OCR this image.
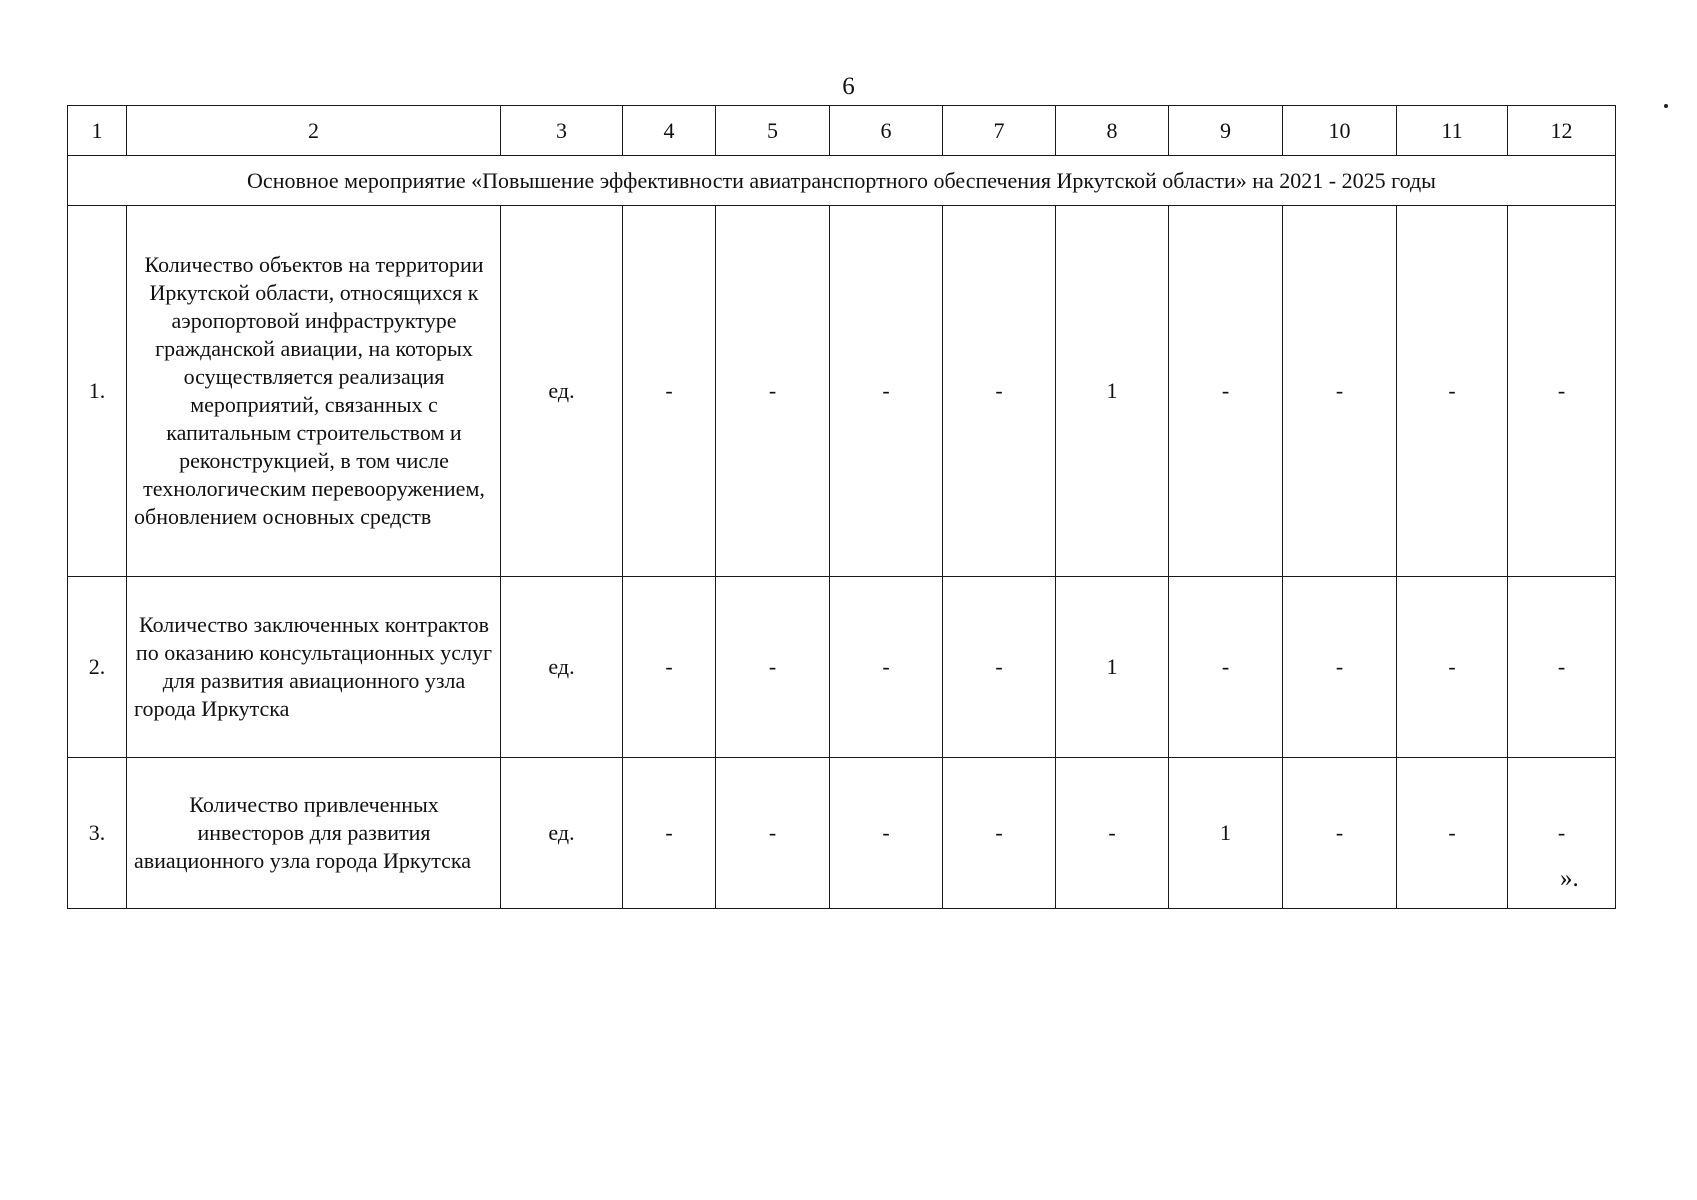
6
1	2	3	4	5	6	7	8	9	10	11	12
Основное мероприятие «Повышение эффективности авиатранспортного обеспечения Иркутской области» на 2021 - 2025 годы											
1.	Количество объектов на территории Иркутской области, относящихся к аэропортовой инфраструктуре гражданской авиации, на которых осуществляется реализация мероприятий, связанных с капитальным строительством и реконструкцией, в том числе технологическим перевооружением, обновлением основных средств	ед.	-	-	-	-	1	-	-	-	-
2.	Количество заключенных контрактов по оказанию консультационных услуг для развития авиационного узла города Иркутска	ед.	-	-	-	-	1	-	-	-	-
3.	Количество привлеченных инвесторов для развития авиационного узла города Иркутска	ед.	-	-	-	-	-	1	-	-	-
».
